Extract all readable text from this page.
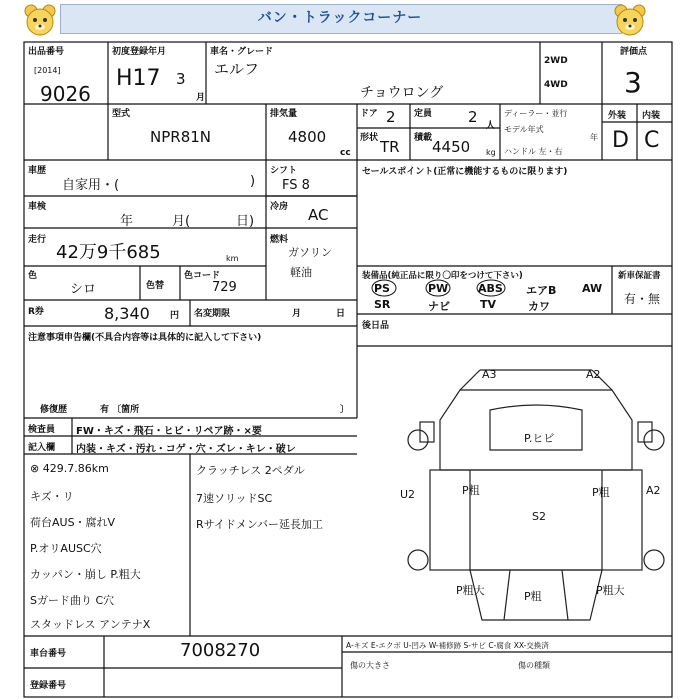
バン・トラックコーナー
出品番号
[2014]
9026
初度登録年月
H17 3
月
車名・グレード
エルフ
チョウロング
2WD
4WD
評価点
3
型式
NPR81N
排気量
4800
cc
ドア 2 定員 2 人
形状 TR 積載 4450 kg
ディーラー・並行
モデル年式
年
ハンドル 左・右
外装 内装
D C
車歴
自家用・(	)
車検
年	月(	日)
走行
42万9千685	km
色
シロ	色替
色コード
729
R券	8,340 円 名変期限	月	日
注意事項申告欄(不具合内容等は具体的に記入して下さい)
修復歴	有 〔箇所	〕
シフト
FS 8
冷房 AC
燃料
ガソリン
軽油
セールスポイント(正常に機能するものに限ります)
装備品(純正品に限り〇印をつけて下さい)	新車保証書
有・無
PS	PW	ABS エアB AW
SR	ナビ	TV	カワ
後日品
検査員
記入欄
FW・キズ・飛石・ヒビ・リペア跡・×要
内装・キズ・汚れ・コゲ・穴・ズレ・キレ・破レ
⊗ 429.7.86km
キズ・リ
荷台AUS・腐れV
P.オリAUSC穴
カッパン・崩し P.粗大
Sガード曲り C穴
スタッドレス アンテナX
クラッチレス 2ペダル
7速ソリッドSC
Rサイドメンバー延長加工
A3	A2
P.ヒビ
U2	P粗	P粗	A2
S2
P粗大	P粗	P粗大
車台番号	7008270
登録番号
A-キズ E-エクボ U-凹み W-補修跡 S-サビ C-腐食 XX-交換済
傷の大きさ	傷の種類
